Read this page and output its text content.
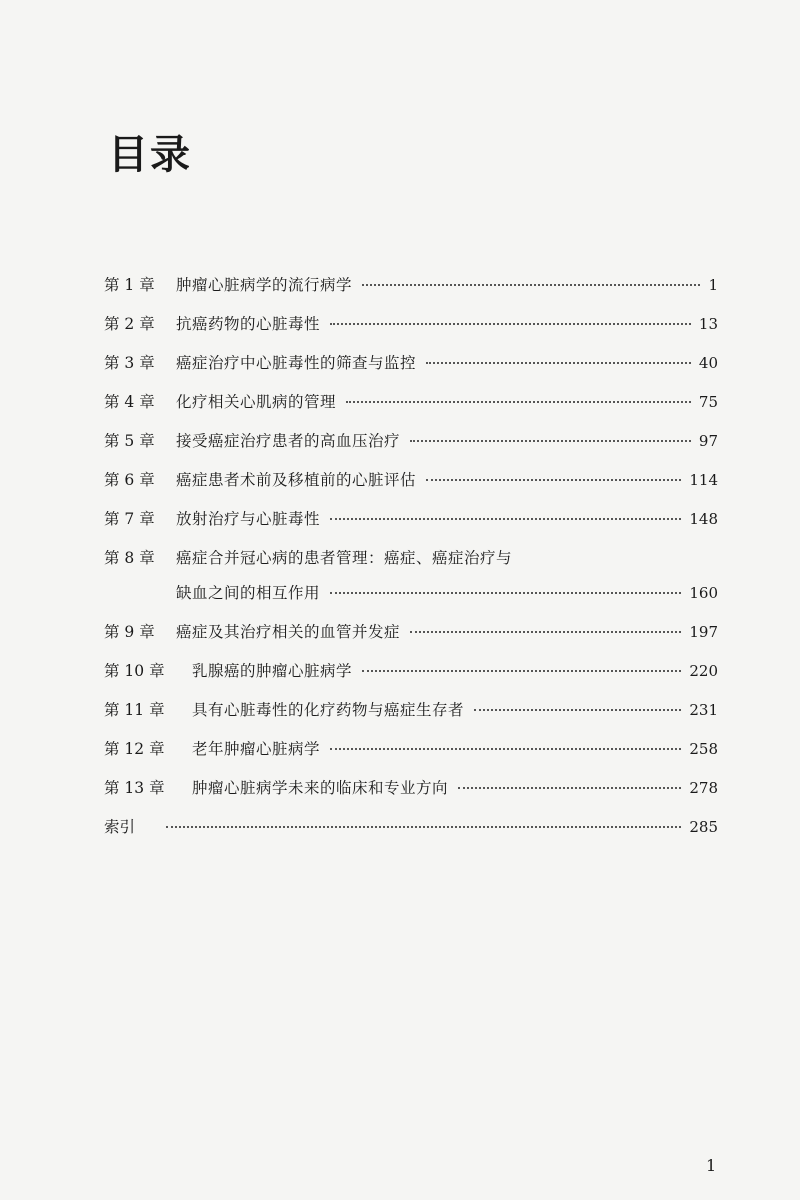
目录
第 1 章	肿瘤心脏病学的流行病学	1
第 2 章	抗癌药物的心脏毒性	13
第 3 章	癌症治疗中心脏毒性的筛查与监控	40
第 4 章	化疗相关心肌病的管理	75
第 5 章	接受癌症治疗患者的高血压治疗	97
第 6 章	癌症患者术前及移植前的心脏评估	114
第 7 章	放射治疗与心脏毒性	148
第 8 章	癌症合并冠心病的患者管理：癌症、癌症治疗与
缺血之间的相互作用	160
第 9 章	癌症及其治疗相关的血管并发症	197
第 10 章	乳腺癌的肿瘤心脏病学	220
第 11 章	具有心脏毒性的化疗药物与癌症生存者	231
第 12 章	老年肿瘤心脏病学	258
第 13 章	肿瘤心脏病学未来的临床和专业方向	278
索引	285
1
